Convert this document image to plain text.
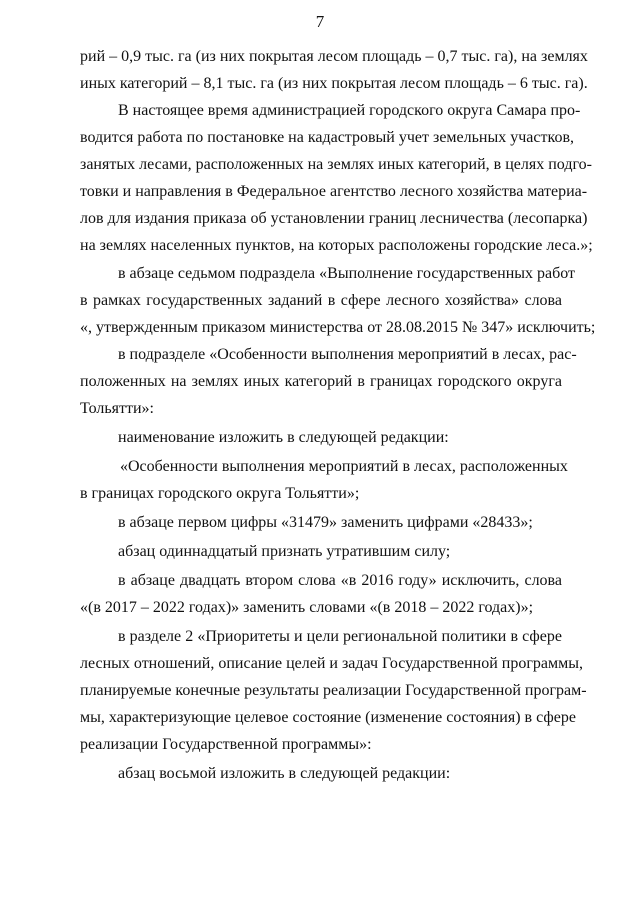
7

рий – 0,9 тыс. га (из них покрытая лесом площадь – 0,7 тыс. га), на землях

иных категорий – 8,1 тыс. га (из них покрытая лесом площадь – 6 тыс. га).

В настоящее время администрацией городского округа Самара про-

водится работа по постановке на кадастровый учет земельных участков,

занятых лесами, расположенных на землях иных категорий, в целях подго-

товки и направления в Федеральное агентство лесного хозяйства материа-

лов для издания приказа об установлении границ лесничества (лесопарка)

на землях населенных пунктов, на которых расположены городские леса.»;

в абзаце седьмом подраздела «Выполнение государственных работ

в рамках государственных заданий в сфере лесного хозяйства» слова

«, утвержденным приказом министерства от 28.08.2015 № 347» исключить;

в подразделе «Особенности выполнения мероприятий в лесах, рас-

положенных на землях иных категорий в границах городского округа

Тольятти»:

наименование изложить в следующей редакции:

«Особенности выполнения мероприятий в лесах, расположенных

в границах городского округа Тольятти»;

в абзаце первом цифры «31479» заменить цифрами «28433»;

абзац одиннадцатый признать утратившим силу;

в абзаце двадцать втором слова «в 2016 году» исключить, слова

«(в 2017 – 2022 годах)» заменить словами «(в 2018 – 2022 годах)»;

в разделе 2 «Приоритеты и цели региональной политики в сфере

лесных отношений, описание целей и задач Государственной программы,

планируемые конечные результаты реализации Государственной програм-

мы, характеризующие целевое состояние (изменение состояния) в сфере

реализации Государственной программы»:

абзац восьмой изложить в следующей редакции:
